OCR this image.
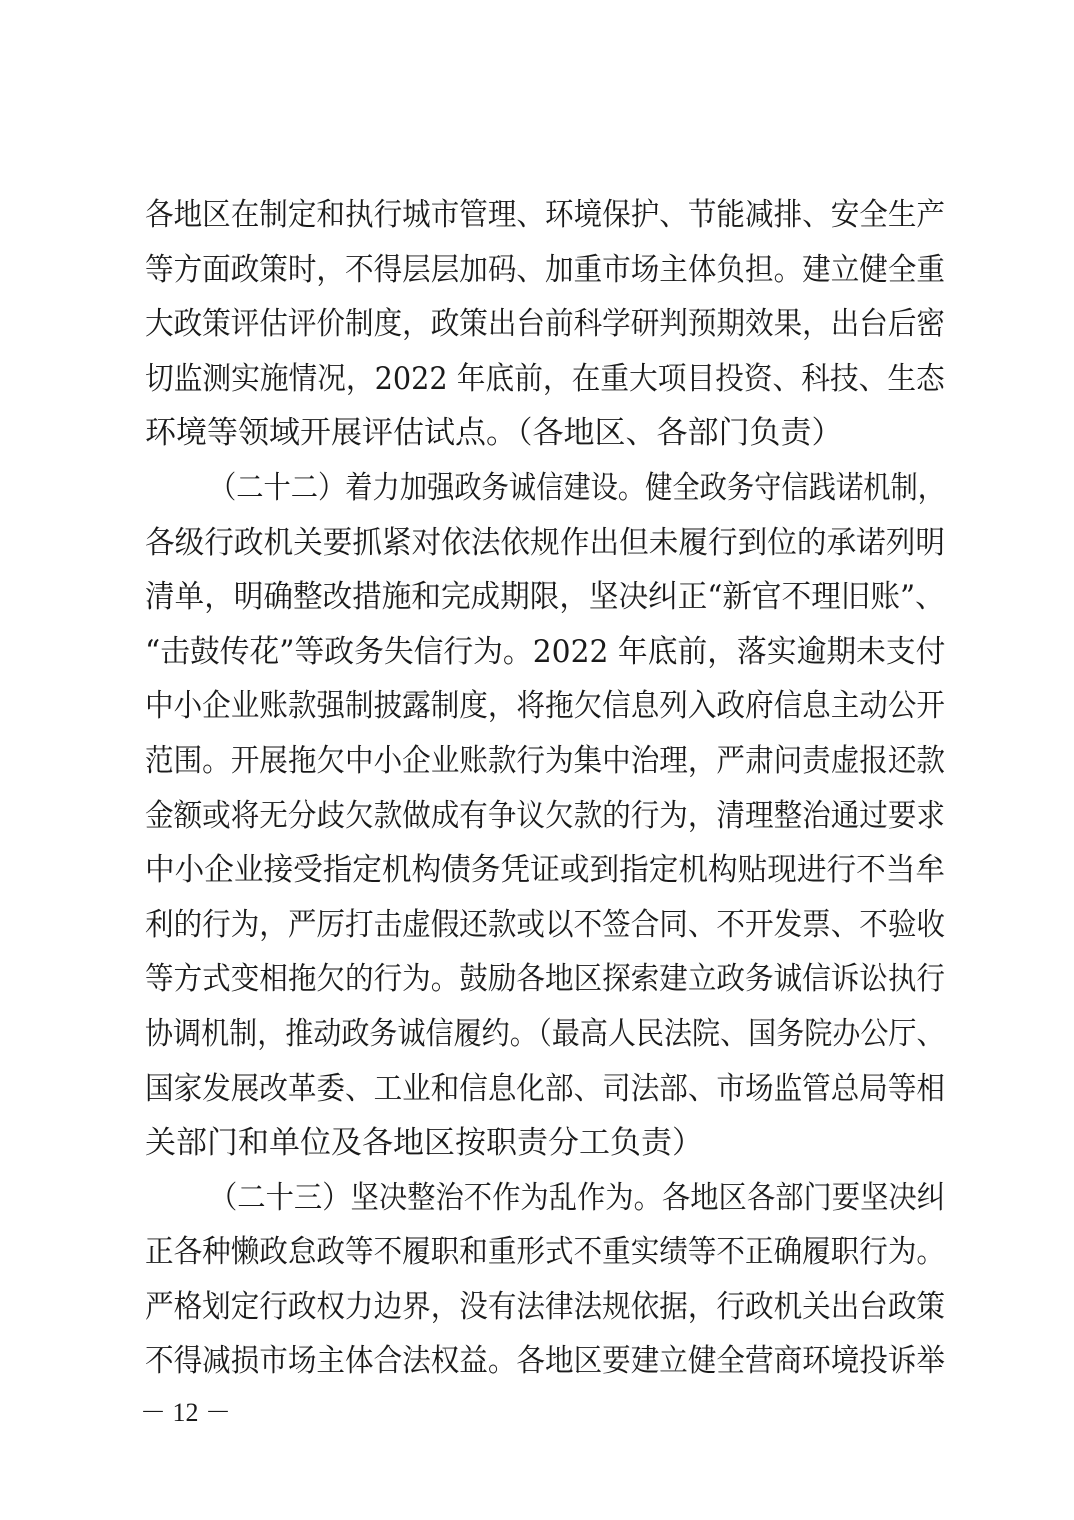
各地区在制定和执行城市管理、环境保护、节能减排、安全生产
等方面政策时，不得层层加码、加重市场主体负担。建立健全重
大政策评估评价制度，政策出台前科学研判预期效果，出台后密
切监测实施情况，2022 年底前，在重大项目投资、科技、生态
环境等领域开展评估试点。（各地区、各部门负责）
（二十二）着力加强政务诚信建设。健全政务守信践诺机制，
各级行政机关要抓紧对依法依规作出但未履行到位的承诺列明
清单，明确整改措施和完成期限，坚决纠正“新官不理旧账”、
“击鼓传花”等政务失信行为。2022 年底前，落实逾期未支付
中小企业账款强制披露制度，将拖欠信息列入政府信息主动公开
范围。开展拖欠中小企业账款行为集中治理，严肃问责虚报还款
金额或将无分歧欠款做成有争议欠款的行为，清理整治通过要求
中小企业接受指定机构债务凭证或到指定机构贴现进行不当牟
利的行为，严厉打击虚假还款或以不签合同、不开发票、不验收
等方式变相拖欠的行为。鼓励各地区探索建立政务诚信诉讼执行
协调机制，推动政务诚信履约。（最高人民法院、国务院办公厅、
国家发展改革委、工业和信息化部、司法部、市场监管总局等相
关部门和单位及各地区按职责分工负责）
（二十三）坚决整治不作为乱作为。各地区各部门要坚决纠
正各种懒政怠政等不履职和重形式不重实绩等不正确履职行为。
严格划定行政权力边界，没有法律法规依据，行政机关出台政策
不得减损市场主体合法权益。各地区要建立健全营商环境投诉举
－ 12 －
